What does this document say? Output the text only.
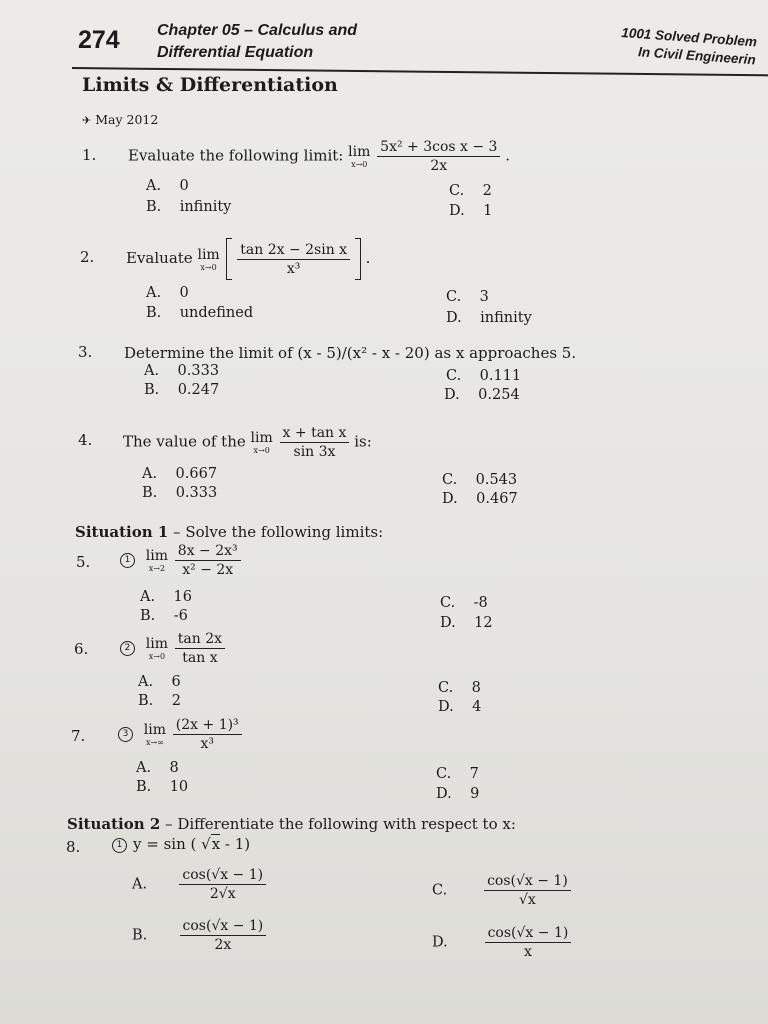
274 Chapter 05 – Calculus and
Differential Equation
1001 Solved Problem
In Civil Engineerin
Limits & Differentiation
✈ May 2012
1. Evaluate the following limit: lim
x→0
$\frac{\text{5x² + 3cos x − 3}}{2x}$ .
A. 0
B. infinity
C. 2
D. 1
2. Evaluate lim
x→0
$\frac{\text{tan 2x − 2sin x}}{\text{x³}}$ .
A. 0
B. undefined
C. 3
D. infinity
3. Determine the limit of (x - 5)/(x² - x - 20) as x approaches 5.
A. 0.333
B. 0.247
C. 0.111
D. 0.254
4. The value of the lim
x→0
$\frac{\text{x + tan x}}{\sin 3x}$ is:
A. 0.667
B. 0.333
C. 0.543
D. 0.467
Situation 1 – Solve the following limits:
5.	1 lim
x→2
$\frac{\text{8x − 2x³}}{\text{x² − 2x}}$
A. 16
B. -6
C. -8
D. 12
6.	2 lim
x→0
$\frac{\tan 2x}{\text{tan x}}$
A. 6
B. 2
C. 8
D. 4
7.	3 lim
x→∞
$\frac{\text{(2x + 1)³}}{\text{x³}}$
A. 8
B. 10
C. 7
D. 9
Situation 2 – Differentiate the following with respect to x:
8.	1 y = sin ( √x - 1)
A. $\frac{\cos(√x - 1)}{2√x}$
B. $\frac{\cos(√x - 1)}{2x}$
C.	$\frac{\cos(√x - 1)}{√x}$
D.	$\frac{\cos(√x - 1)}{x}$
